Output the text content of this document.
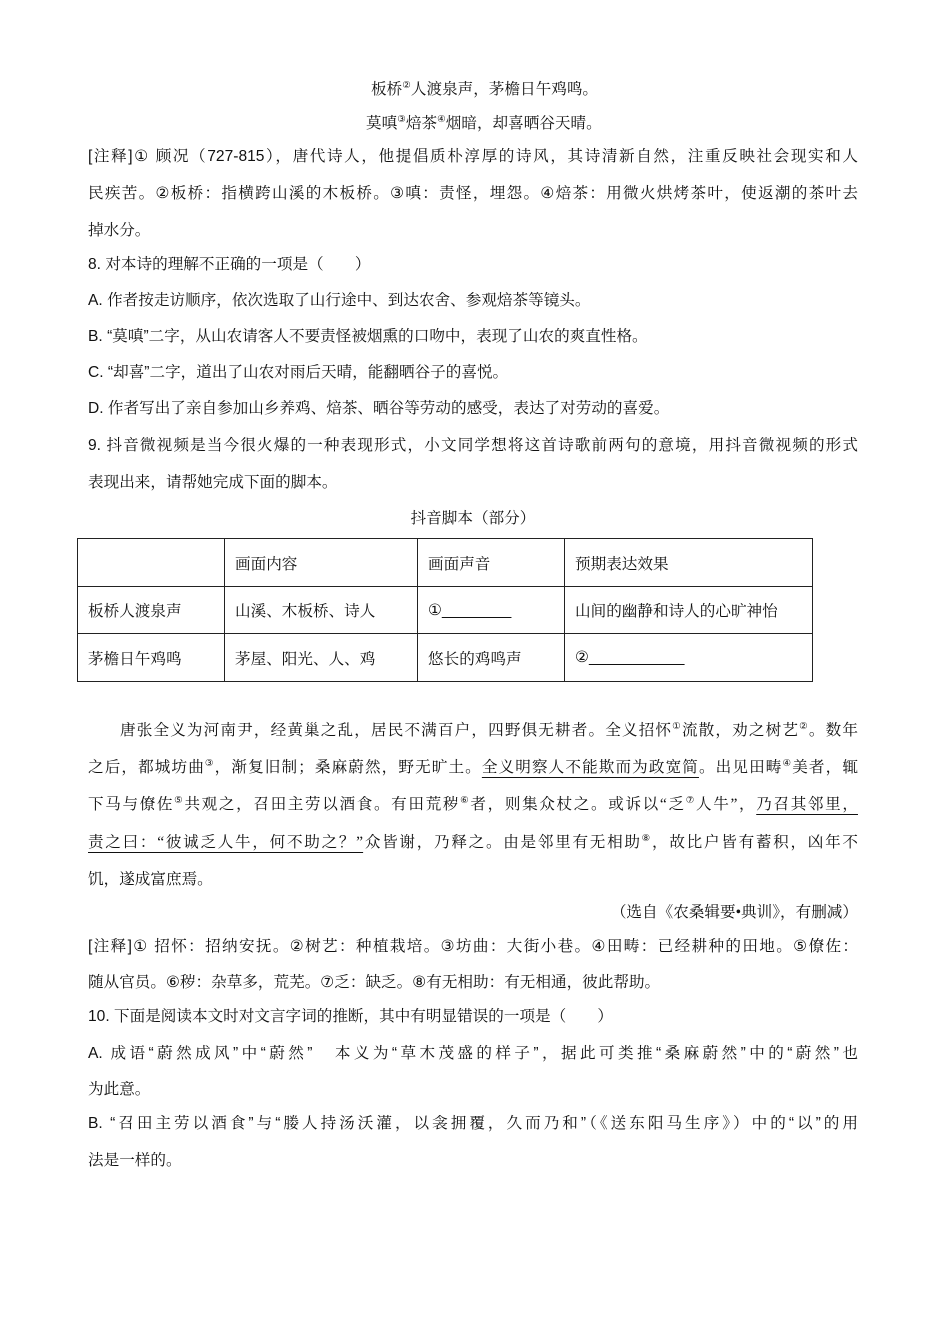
板桥②人渡泉声，茅檐日午鸡鸣。
莫嗔③焙茶④烟暗，却喜晒谷天晴。
[注释]① 顾况（727-815），唐代诗人，他提倡质朴淳厚的诗风，其诗清新自然，注重反映社会现实和人
民疾苦。②板桥：指横跨山溪的木板桥。③嗔：责怪，埋怨。④焙茶：用微火烘烤茶叶，使返潮的茶叶去
掉水分。
8. 对本诗的理解不正确的一项是（　　）
A. 作者按走访顺序，依次选取了山行途中、到达农舍、参观焙茶等镜头。
B. “莫嗔”二字，从山农请客人不要责怪被烟熏的口吻中，表现了山农的爽直性格。
C. “却喜”二字，道出了山农对雨后天晴，能翻晒谷子的喜悦。
D. 作者写出了亲自参加山乡养鸡、焙茶、晒谷等劳动的感受，表达了对劳动的喜爱。
9. 抖音微视频是当今很火爆的一种表现形式，小文同学想将这首诗歌前两句的意境，用抖音微视频的形式
表现出来，请帮她完成下面的脚本。
抖音脚本（部分）
	画面内容	画面声音	预期表达效果
板桥人渡泉声	山溪、木板桥、诗人	①________	山间的幽静和诗人的心旷神怡
茅檐日午鸡鸣	茅屋、阳光、人、鸡	悠长的鸡鸣声	②___________
唐张全义为河南尹，经黄巢之乱，居民不满百户，四野俱无耕者。全义招怀①流散，劝之树艺②。数年
之后，都城坊曲③，渐复旧制；桑麻蔚然，野无旷土。全义明察人不能欺而为政宽简。出见田畴④美者，辄
下马与僚佐⑤共观之，召田主劳以酒食。有田荒秽⑥者，则集众杖之。或诉以“乏⑦人牛”，乃召其邻里，
责之曰：“彼诚乏人牛，何不助之？”众皆谢，乃释之。由是邻里有无相助⑧，故比户皆有蓄积，凶年不
饥，遂成富庶焉。
（选自《农桑辑要•典训》，有删减）
[注释]① 招怀：招纳安抚。②树艺：种植栽培。③坊曲：大街小巷。④田畴：已经耕种的田地。⑤僚佐：
随从官员。⑥秽：杂草多，荒芜。⑦乏：缺乏。⑧有无相助：有无相通，彼此帮助。
10. 下面是阅读本文时对文言字词的推断，其中有明显错误的一项是（　　）
A. 成语“蔚然成风”中“蔚然”　本义为“草木茂盛的样子”，据此可类推“桑麻蔚然”中的“蔚然”也
为此意。
B. “召田主劳以酒食”与“媵人持汤沃灌，以衾拥覆，久而乃和”（《送东阳马生序》）中的“以”的用
法是一样的。
